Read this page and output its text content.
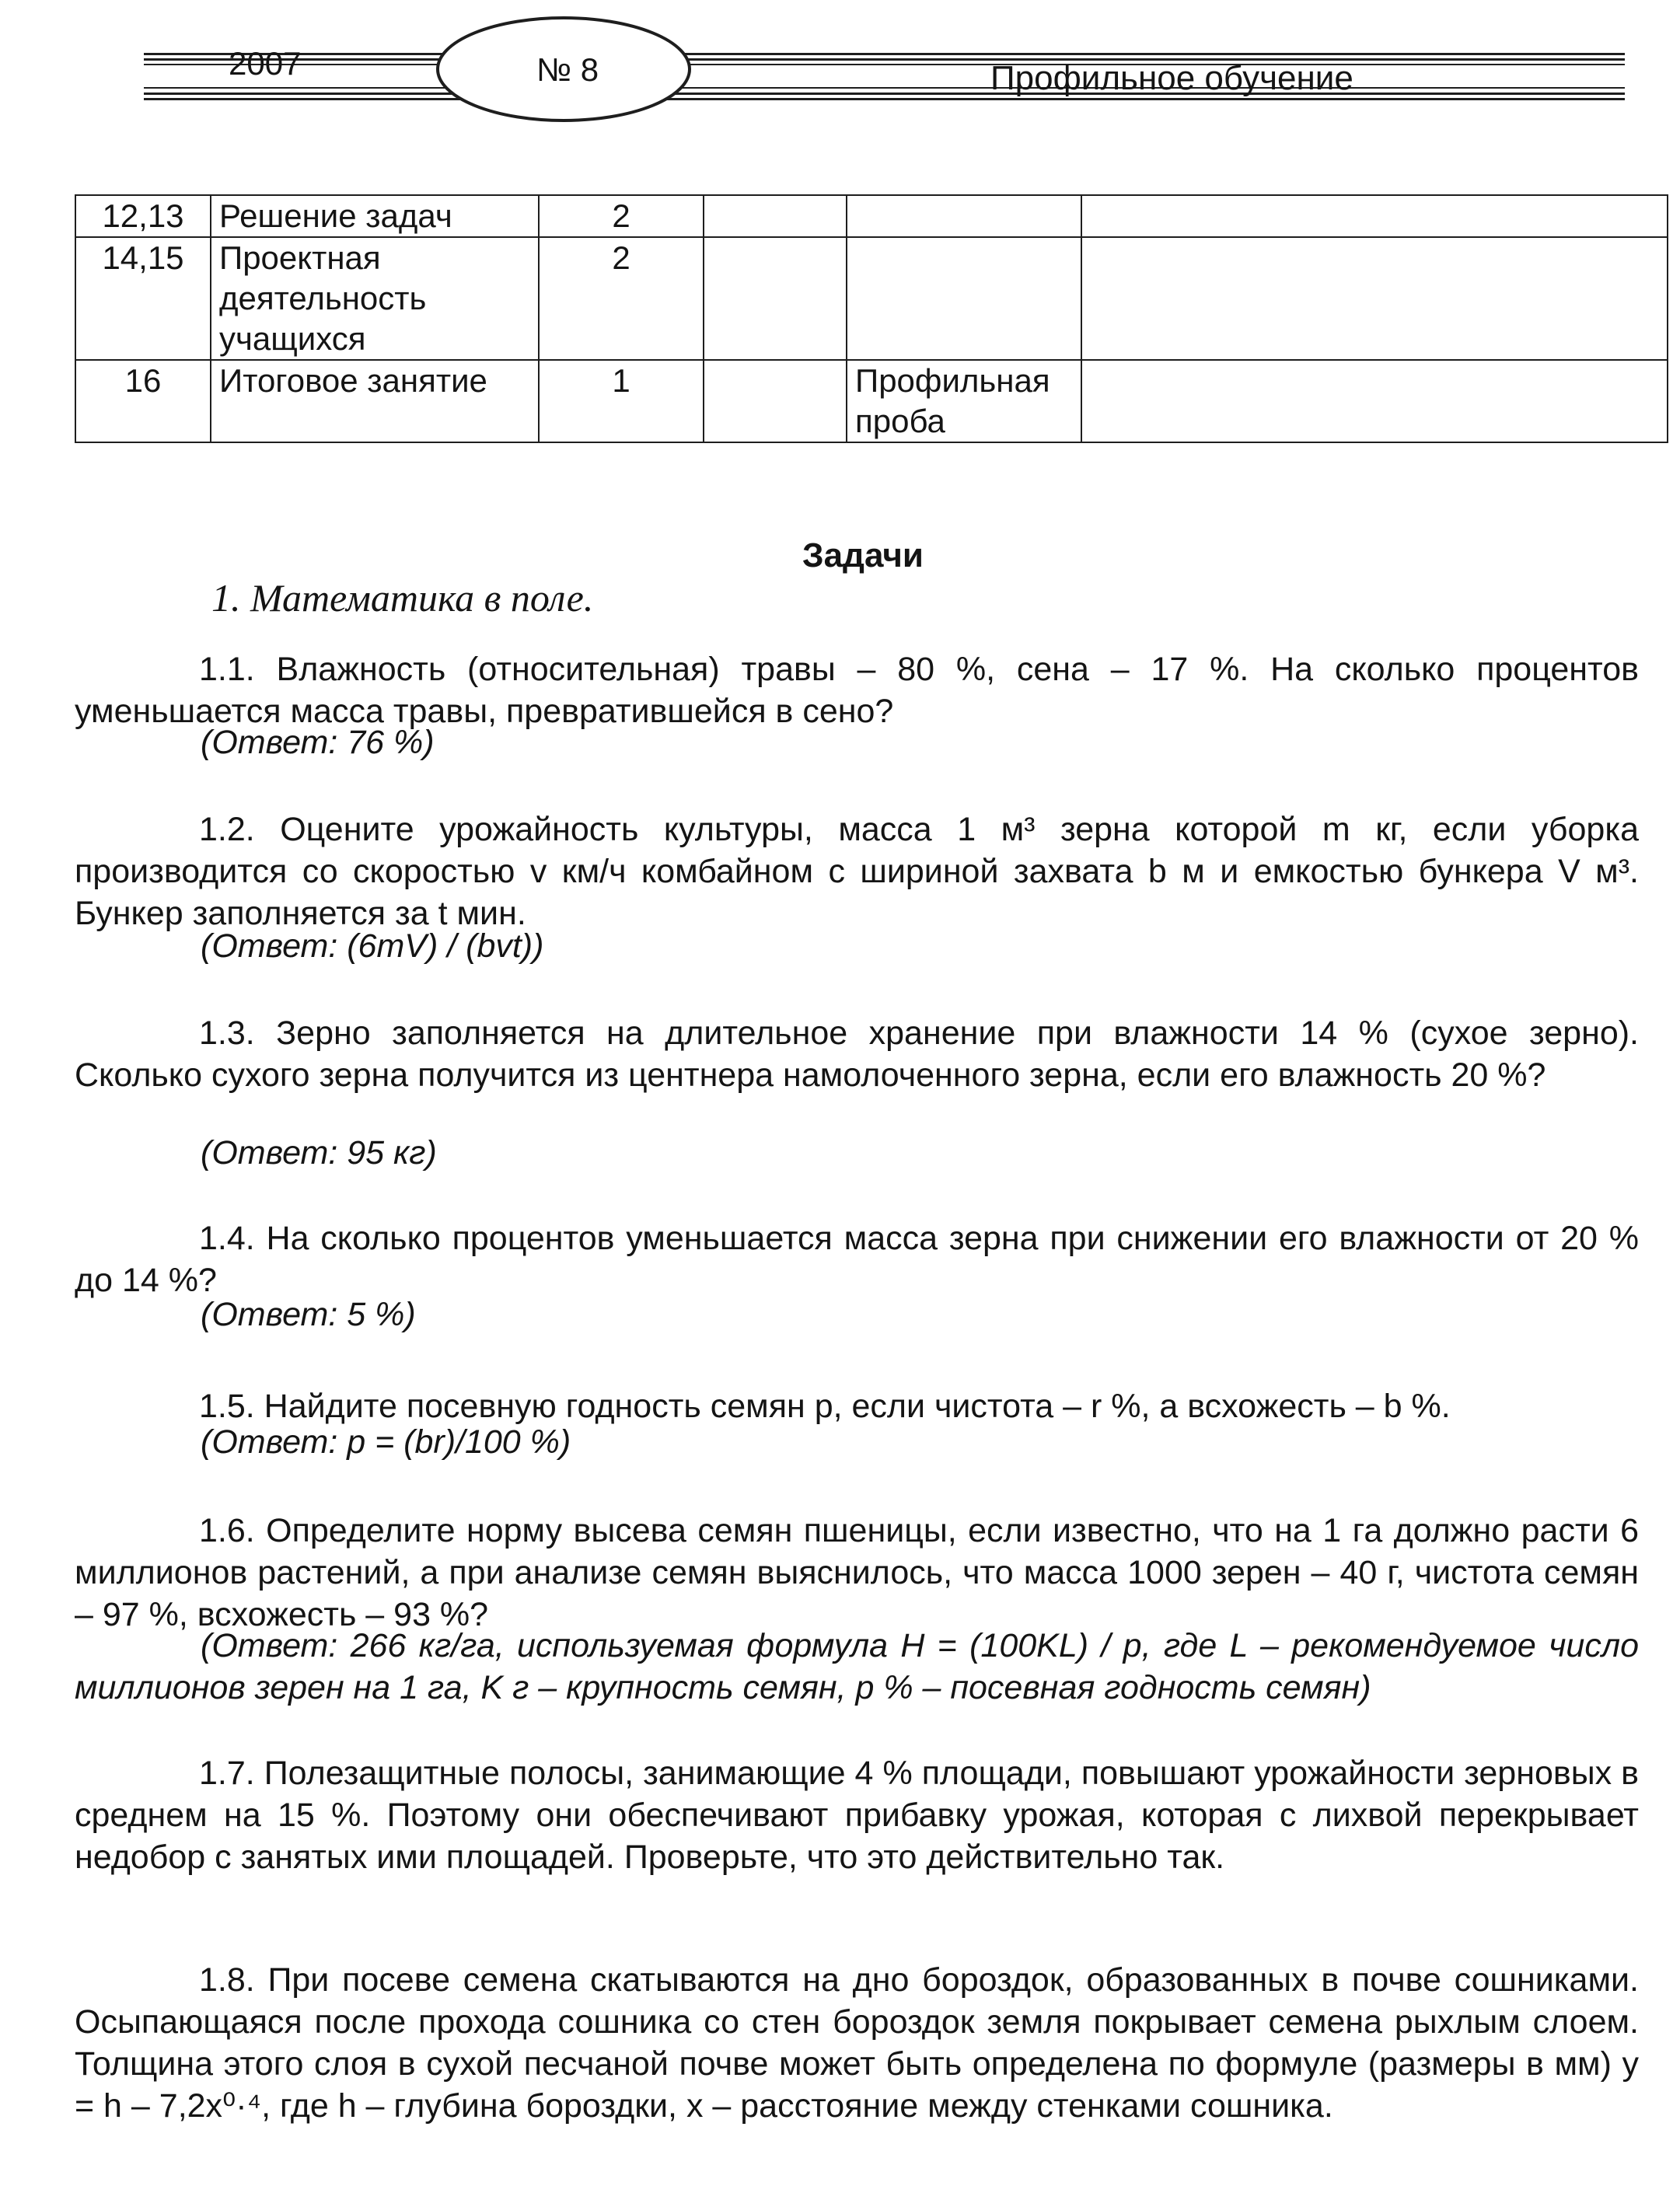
2007	№ 8	Профильное обучение
12,13	Решение задач	2			
14,15	Проектная деятельность учащихся	2			
16	Итоговое занятие	1		Профильная проба	
Задачи
1. Математика в поле.

1.1. Влажность (относительная) травы – 80 %, сена – 17 %. На сколько процентов уменьшается масса травы, превратившейся в сено?

(Ответ: 76 %)

1.2. Оцените урожайность культуры, масса 1 м³ зерна которой m кг, если уборка производится со скоростью v км/ч комбайном с шириной захвата b м и емкостью бункера V м³. Бункер заполняется за t мин.

(Ответ: (6mV) / (bvt))

1.3. Зерно заполняется на длительное хранение при влажности 14 % (сухое зерно). Сколько сухого зерна получится из центнера намолоченного зерна, если его влажность 20 %?

(Ответ: 95 кг)

1.4. На сколько процентов уменьшается масса зерна при снижении его влажности от 20 % до 14 %?

(Ответ: 5 %)

1.5. Найдите посевную годность семян p, если чистота – r %, а всхожесть – b %.

(Ответ: p = (br)/100 %)

1.6. Определите норму высева семян пшеницы, если известно, что на 1 га должно расти 6 миллионов растений, а при анализе семян выяснилось, что масса 1000 зерен – 40 г, чистота семян – 97 %, всхожесть – 93 %?

(Ответ: 266 кг/га, используемая формула H = (100KL) / p, где L – рекомендуемое число миллионов зерен на 1 га, K г – крупность семян, p % – посевная годность семян)

1.7. Полезащитные полосы, занимающие 4 % площади, повышают урожайности зерновых в среднем на 15 %. Поэтому они обеспечивают прибавку урожая, которая с лихвой перекрывает недобор с занятых ими площадей. Проверьте, что это действительно так.

1.8. При посеве семена скатываются на дно бороздок, образованных в почве сошниками. Осыпающаяся после прохода сошника со стен бороздок земля покрывает семена рыхлым слоем. Толщина этого слоя в сухой песчаной почве может быть определена по формуле (размеры в мм) y = h – 7,2x⁰·⁴, где h – глубина бороздки, x – расстояние между стенками сошника.
